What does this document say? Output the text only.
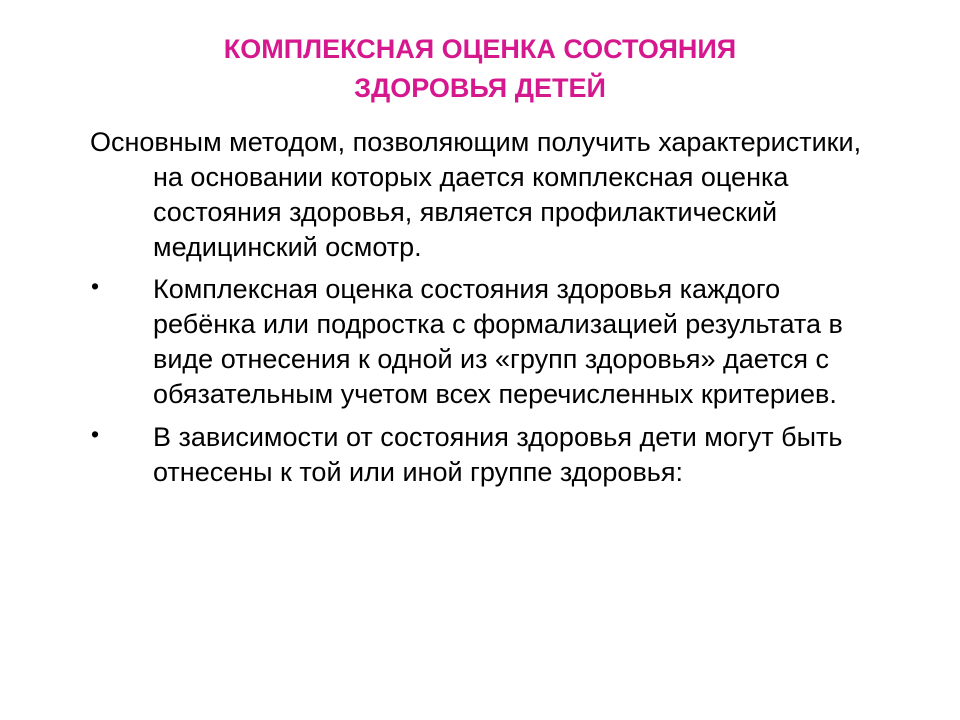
КОМПЛЕКСНАЯ ОЦЕНКА СОСТОЯНИЯ
ЗДОРОВЬЯ ДЕТЕЙ

Основным методом, позволяющим получить характеристики, на основании которых дается комплексная оценка состояния здоровья, является профилактический медицинский осмотр.

• Комплексная оценка состояния здоровья каждого ребёнка или подростка с формализацией результата в виде отнесения к одной из «групп здоровья» дается с обязательным учетом всех перечисленных критериев.

• В зависимости от состояния здоровья дети могут быть отнесены к той или иной группе здоровья:
